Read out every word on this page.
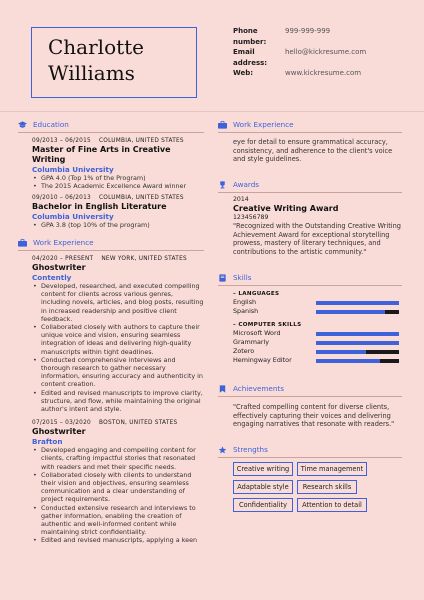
Charlotte
Williams
Phone number:
999-999-999
Email address:
hello@kickresume.com
Web:	www.kickresume.com
Education
09/2013 – 06/2015 COLUMBIA, UNITED STATES
Master of Fine Arts in Creative Writing
Columbia University
• GPA 4.0 (Top 1% of the Program)
• The 2015 Academic Excellence Award winner
09/2010 – 06/2013 COLUMBIA, UNITED STATES
Bachelor in English Literature
Columbia University
• GPA 3.8 (top 10% of the program)
Work Experience
04/2020 – PRESENT NEW YORK, UNITED STATES
Ghostwriter
Contently
• Developed, researched, and executed compelling content for clients across various genres, including novels, articles, and blog posts, resulting in increased readership and positive client feedback.
• Collaborated closely with authors to capture their unique voice and vision, ensuring seamless integration of ideas and delivering high-quality manuscripts within tight deadlines.
• Conducted comprehensive interviews and thorough research to gather necessary information, ensuring accuracy and authenticity in content creation.
• Edited and revised manuscripts to improve clarity, structure, and flow, while maintaining the original author's intent and style.
07/2015 – 03/2020 BOSTON, UNITED STATES
Ghostwriter
Brafton
• Developed engaging and compelling content for clients, crafting impactful stories that resonated with readers and met their specific needs.
• Collaborated closely with clients to understand their vision and objectives, ensuring seamless communication and a clear understanding of project requirements.
• Conducted extensive research and interviews to gather information, enabling the creation of authentic and well-informed content while maintaining strict confidentiality.
• Edited and revised manuscripts, applying a keen
Work Experience
eye for detail to ensure grammatical accuracy, consistency, and adherence to the client's voice and style guidelines.
Awards
2014
Creative Writing Award
123456789
"Recognized with the Outstanding Creative Writing Achievement Award for exceptional storytelling prowess, mastery of literary techniques, and contributions to the artistic community."
Skills
– LANGUAGES
English
Spanish
– COMPUTER SKILLS
Microsoft Word
Grammarly
Zotero
Hemingway Editor
Achievements
"Crafted compelling content for diverse clients, effectively capturing their voices and delivering engaging narratives that resonate with readers."
Strengths
Creative writing	Time management
Adaptable style	Research skills
Confidentiality	Attention to detail
